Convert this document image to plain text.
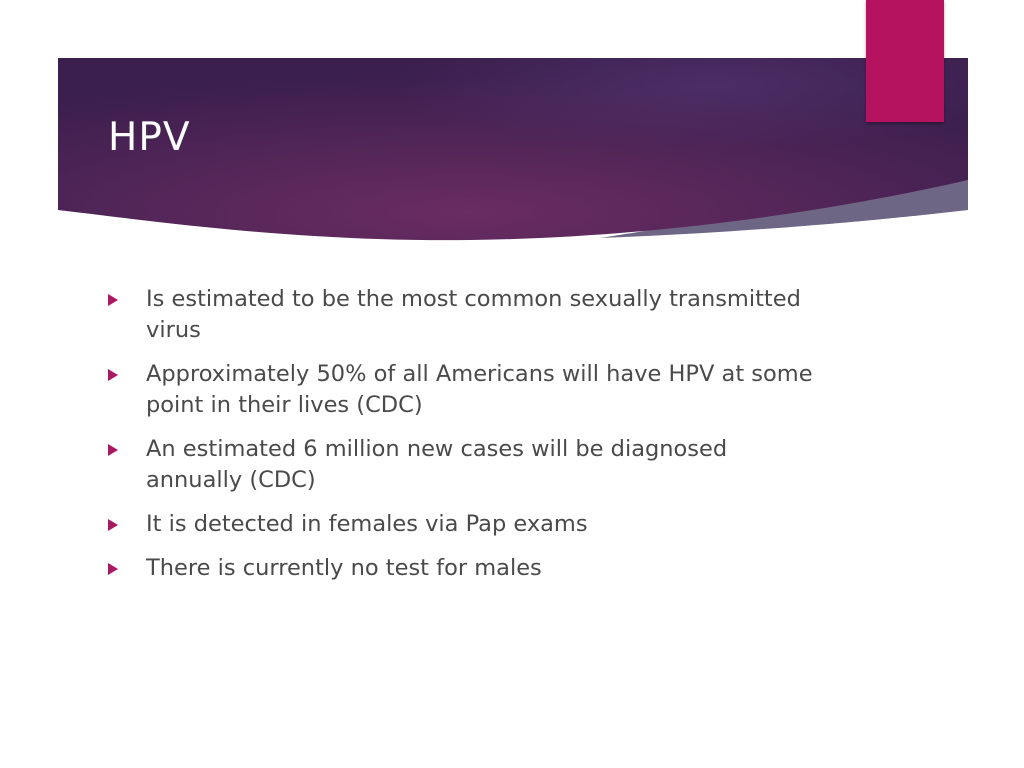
HPV
Is estimated to be the most common sexually transmitted virus
Approximately 50% of all Americans will have HPV at some point in their lives (CDC)
An estimated 6 million new cases will be diagnosed annually (CDC)
It is detected in females via Pap exams
There is currently no test for males
